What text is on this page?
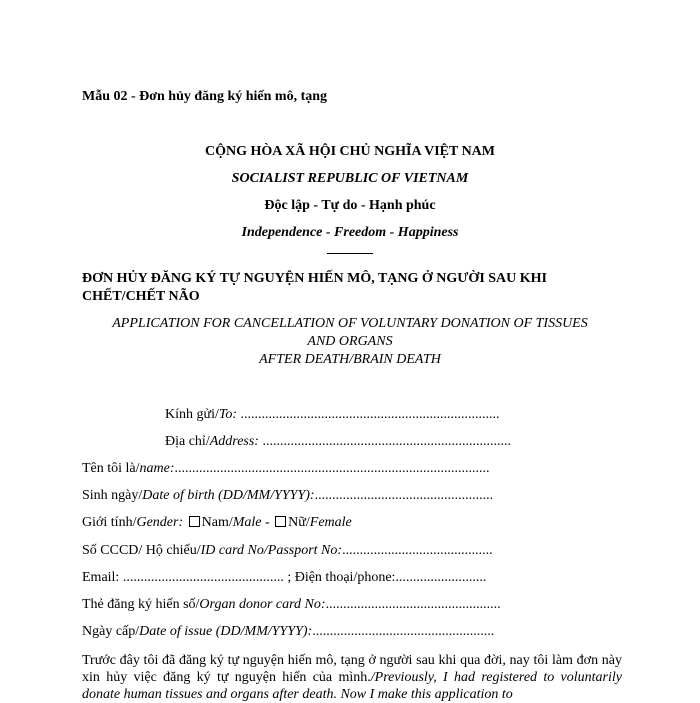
Mẫu 02 - Đơn hủy đăng ký hiến mô, tạng
CỘNG HÒA XÃ HỘI CHỦ NGHĨA VIỆT NAM
SOCIALIST REPUBLIC OF VIETNAM
Độc lập - Tự do - Hạnh phúc
Independence - Freedom - Happiness
ĐƠN HỦY ĐĂNG KÝ TỰ NGUYỆN HIẾN MÔ, TẠNG Ở NGƯỜI SAU KHI
CHẾT/CHẾT NÃO
APPLICATION FOR CANCELLATION OF VOLUNTARY DONATION OF TISSUES
AND ORGANS
AFTER DEATH/BRAIN DEATH
Kính gửi/To: ..........................................................................
Địa chỉ/Address: .......................................................................
Tên tôi là/name:..........................................................................................
Sinh ngày/Date of birth (DD/MM/YYYY):...................................................
Giới tính/Gender: Nam/Male - Nữ/Female
Số CCCD/ Hộ chiếu/ID card No/Passport No:...........................................
Email: .............................................. ; Điện thoại/phone:..........................
Thẻ đăng ký hiến số/Organ donor card No:..................................................
Ngày cấp/Date of issue (DD/MM/YYYY):....................................................
Trước đây tôi đã đăng ký tự nguyện hiến mô, tạng ở người sau khi qua đời, nay tôi làm đơn này xin hủy việc đăng ký tự nguyện hiến của mình./Previously, I had registered to voluntarily donate human tissues and organs after death. Now I make this application to
